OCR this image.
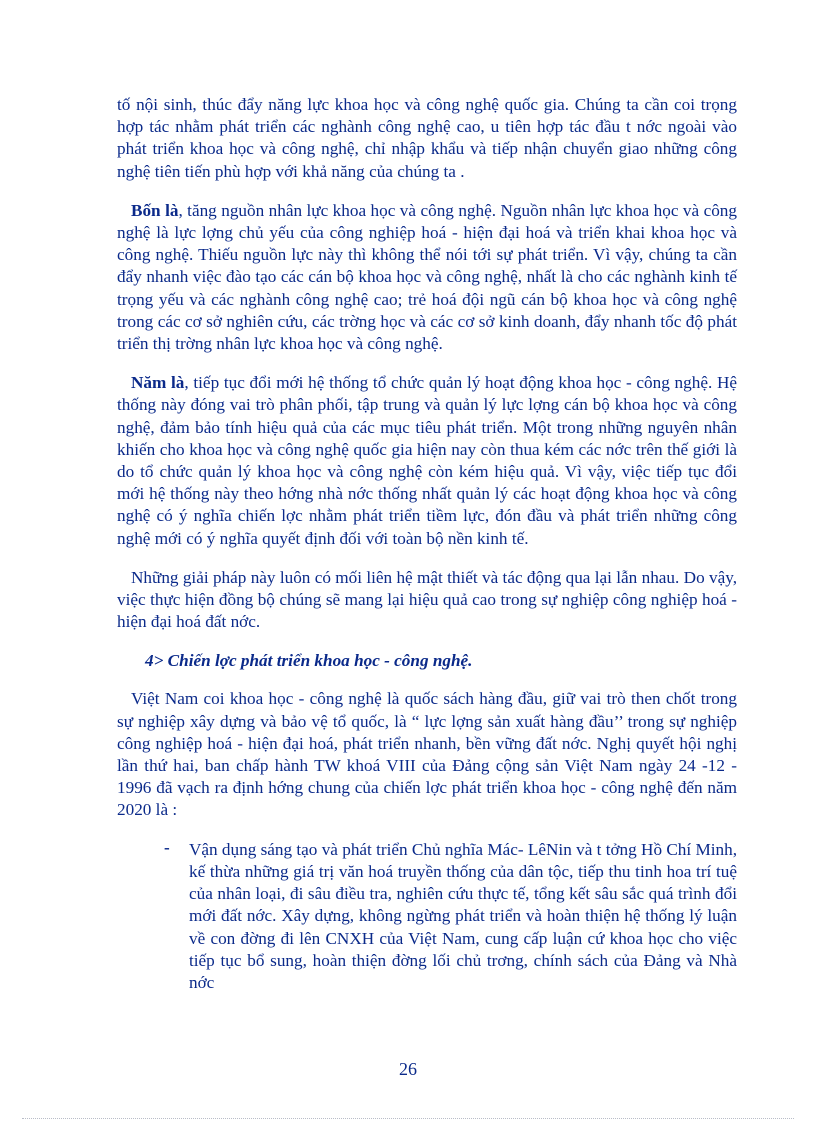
tố nội sinh, thúc đẩy năng lực khoa học và công nghệ quốc gia. Chúng ta cần coi trọng hợp tác nhằm phát triển các nghành công nghệ cao, u tiên hợp tác đầu t nớc ngoài vào phát triển khoa học và công nghệ, chỉ nhập khẩu và tiếp nhận chuyển giao những công nghệ tiên tiến phù hợp với khả năng của chúng ta .

Bốn là, tăng nguồn nhân lực khoa học và công nghệ. Nguồn nhân lực khoa học và công nghệ là lực lợng chủ yếu của công nghiệp hoá - hiện đại hoá và triển khai khoa học và công nghệ. Thiếu nguồn lực này thì không thể nói tới sự phát triển. Vì vậy, chúng ta cần đẩy nhanh việc đào tạo các cán bộ khoa học và công nghệ, nhất là cho các nghành kinh tế trọng yếu và các nghành công nghệ cao; trẻ hoá đội ngũ cán bộ khoa học và công nghệ trong các cơ sở nghiên cứu, các trờng học và các cơ sở kinh doanh, đẩy nhanh tốc độ phát triển thị trờng nhân lực khoa học và công nghệ.

Năm là, tiếp tục đổi mới hệ thống tổ chức quản lý hoạt động khoa học - công nghệ. Hệ thống này đóng vai trò phân phối, tập trung và quản lý lực lợng cán bộ khoa học và công nghệ, đảm bảo tính hiệu quả của các mục tiêu phát triển. Một trong những nguyên nhân khiến cho khoa học và công nghệ quốc gia hiện nay còn thua kém các nớc trên thế giới là do tổ chức quản lý khoa học và công nghệ còn kém hiệu quả. Vì vậy, việc tiếp tục đổi mới hệ thống này theo hớng nhà nớc thống nhất quản lý các hoạt động khoa học và công nghệ có ý nghĩa chiến lợc nhằm phát triển tiềm lực, đón đầu và phát triển những công nghệ mới có ý nghĩa quyết định đối với toàn bộ nền kinh tế.

Những giải pháp này luôn có mối liên hệ mật thiết và tác động qua lại lẫn nhau. Do vậy, việc thực hiện đồng bộ chúng sẽ mang lại hiệu quả cao trong sự nghiệp công nghiệp hoá - hiện đại hoá đất nớc.

4> Chiến lợc phát triển khoa học - công nghệ.

Việt Nam coi khoa học - công nghệ là quốc sách hàng đầu, giữ vai trò then chốt trong sự nghiệp xây dựng và bảo vệ tổ quốc, là “ lực lợng sản xuất hàng đầu’’ trong sự nghiệp công nghiệp hoá - hiện đại hoá, phát triển nhanh, bền vững đất nớc. Nghị quyết hội nghị lần thứ hai, ban chấp hành TW khoá VIII của Đảng cộng sản Việt Nam ngày 24 -12 - 1996 đã vạch ra định hớng chung của chiến lợc phát triển khoa học - công nghệ đến năm 2020 là :

- Vận dụng sáng tạo và phát triển Chủ nghĩa Mác- LêNin và t tởng Hồ Chí Minh, kế thừa những giá trị văn hoá truyền thống của dân tộc, tiếp thu tinh hoa trí tuệ của nhân loại, đi sâu điều tra, nghiên cứu thực tế, tổng kết sâu sắc quá trình đổi mới đất nớc. Xây dựng, không ngừng phát triển và hoàn thiện hệ thống lý luận về con đờng đi lên CNXH của Việt Nam, cung cấp luận cứ khoa học cho việc tiếp tục bổ sung, hoàn thiện đờng lối chủ trơng, chính sách của Đảng và Nhà nớc

26
